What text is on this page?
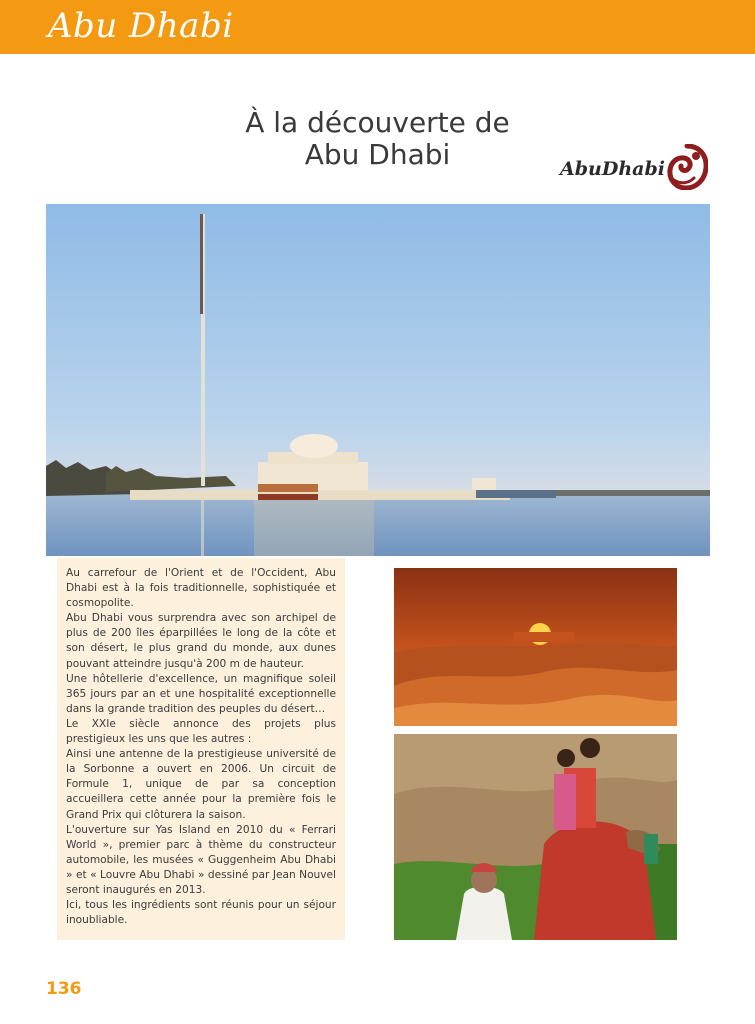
Abu Dhabi
À la découverte de
Abu Dhabi	AbuDhabi

Au carrefour de l'Orient et de l'Occident, Abu Dhabi est à la fois traditionnelle, sophistiquée et cosmopolite.

Abu Dhabi vous surprendra avec son archipel de plus de 200 îles éparpillées le long de la côte et son désert, le plus grand du monde, aux dunes pouvant atteindre jusqu'à 200 m de hauteur.

Une hôtellerie d'excellence, un magnifique soleil 365 jours par an et une hospitalité exceptionnelle dans la grande tradition des peuples du désert…

Le XXIe siècle annonce des projets plus prestigieux les uns que les autres :

Ainsi une antenne de la prestigieuse université de la Sorbonne a ouvert en 2006. Un circuit de Formule 1, unique de par sa conception accueillera cette année pour la première fois le Grand Prix qui clôturera la saison.

L'ouverture sur Yas Island en 2010 du « Ferrari World », premier parc à thème du constructeur automobile, les musées « Guggenheim Abu Dhabi » et « Louvre Abu Dhabi » dessiné par Jean Nouvel seront inaugurés en 2013.

Ici, tous les ingrédients sont réunis pour un séjour inoubliable.

136
